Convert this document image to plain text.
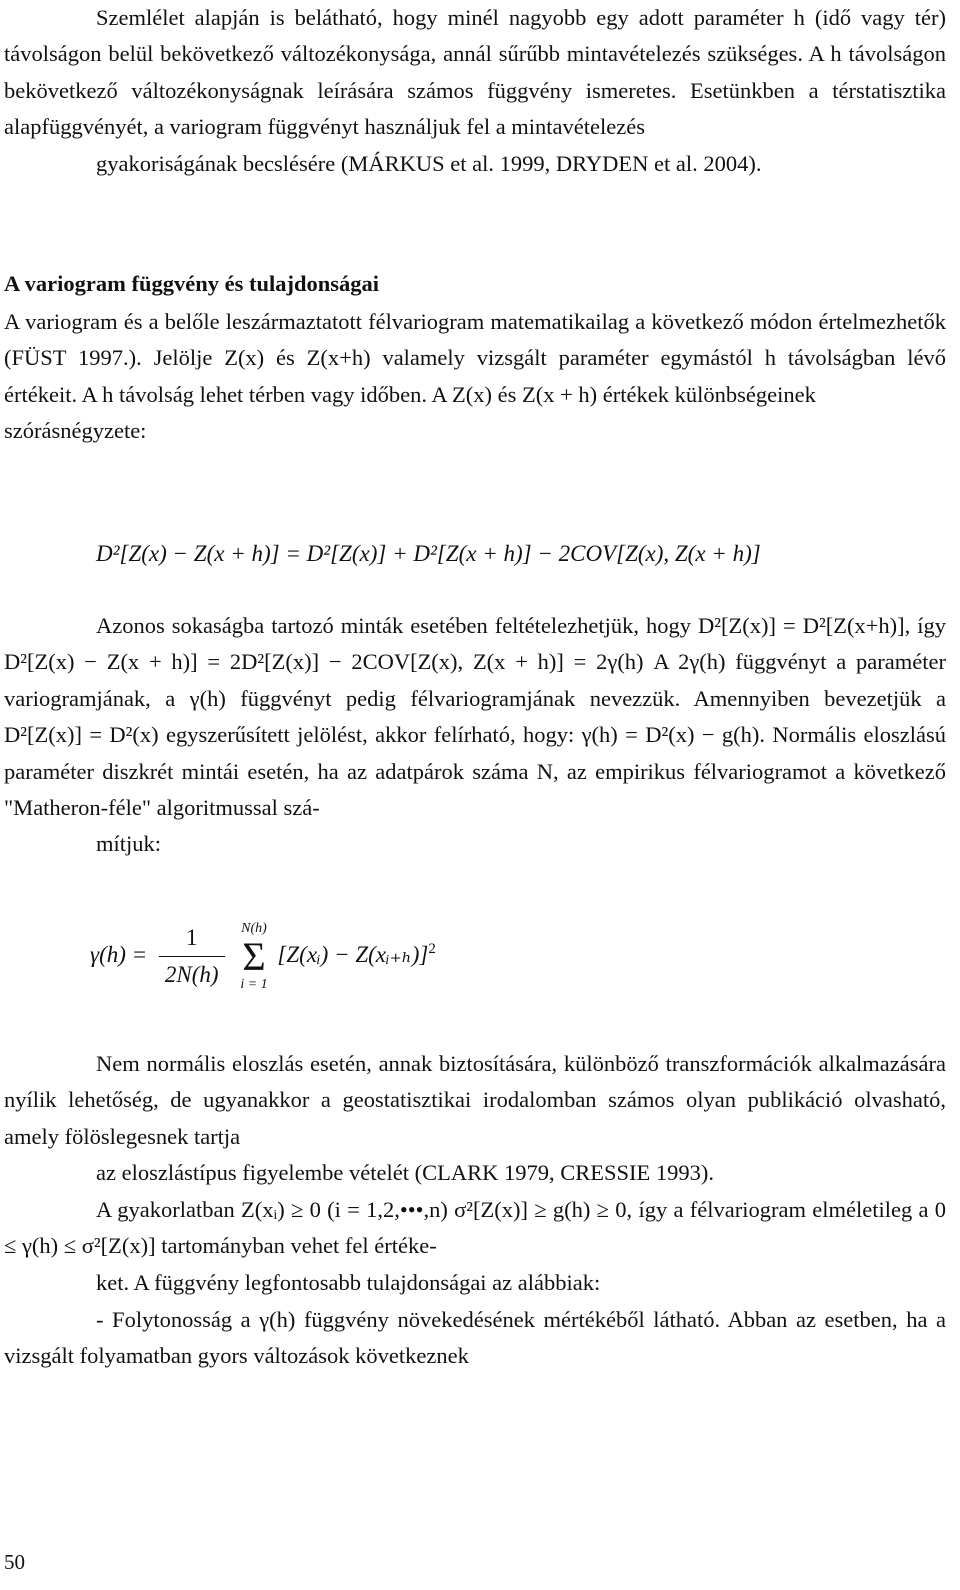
Szemlélet alapján is belátható, hogy minél nagyobb egy adott paraméter h (idő vagy tér) távolságon belül bekövetkező változékonysága, annál sűrűbb mintavételezés szükséges. A h távolságon bekövetkező változékonyságnak leírására számos függvény ismeretes. Esetünkben a térstatisztika alapfüggvényét, a variogram függvényt használjuk fel a mintavételezés
gyakoriságának becslésére (MÁRKUS et al. 1999, DRYDEN et al. 2004).

A variogram függvény és tulajdonságai

A variogram és a belőle leszármaztatott félvariogram matematikailag a következő módon értelmezhetők (FÜST 1997.). Jelölje Z(x) és Z(x+h) valamely vizsgált paraméter egymástól h távolságban lévő értékeit. A h távolság lehet térben vagy időben. A Z(x) és Z(x + h) értékek különbségeinek
szórásnégyzete:

D²[Z(x) − Z(x + h)] = D²[Z(x)] + D²[Z(x + h)] − 2COV[Z(x), Z(x + h)]

Azonos sokaságba tartozó minták esetében feltételezhetjük, hogy D²[Z(x)] = D²[Z(x+h)], így D²[Z(x) − Z(x + h)] = 2D²[Z(x)] − 2COV[Z(x), Z(x + h)] = 2γ(h) A 2γ(h) függvényt a paraméter variogramjának, a γ(h) függvényt pedig félvariogramjának nevezzük. Amennyiben bevezetjük a D²[Z(x)] = D²(x) egyszerűsített jelölést, akkor felírható, hogy: γ(h) = D²(x) − g(h). Normális eloszlású paraméter diszkrét mintái esetén, ha az adatpárok száma N, az empirikus félvariogramot a következő "Matheron-féle" algoritmussal szá-
mítjuk:

$\gamma(h) = \frac{1}{2N(h)}$
N(h)
Σ
i = 1
[Z(xᵢ) − Z(xᵢ₊ₕ)]$^2$

Nem normális eloszlás esetén, annak biztosítására, különböző transzformációk alkalmazására nyílik lehetőség, de ugyanakkor a geostatisztikai irodalomban számos olyan publikáció olvasható, amely fölöslegesnek tartja
az eloszlástípus figyelembe vételét (CLARK 1979, CRESSIE 1993).

A gyakorlatban Z(xᵢ) ≥ 0 (i = 1,2,•••,n) σ²[Z(x)] ≥ g(h) ≥ 0, így a félvariogram elméletileg a 0 ≤ γ(h) ≤ σ²[Z(x)] tartományban vehet fel értéke-
ket. A függvény legfontosabb tulajdonságai az alábbiak:

- Folytonosság a γ(h) függvény növekedésének mértékéből látható. Abban az esetben, ha a vizsgált folyamatban gyors változások következnek

50
